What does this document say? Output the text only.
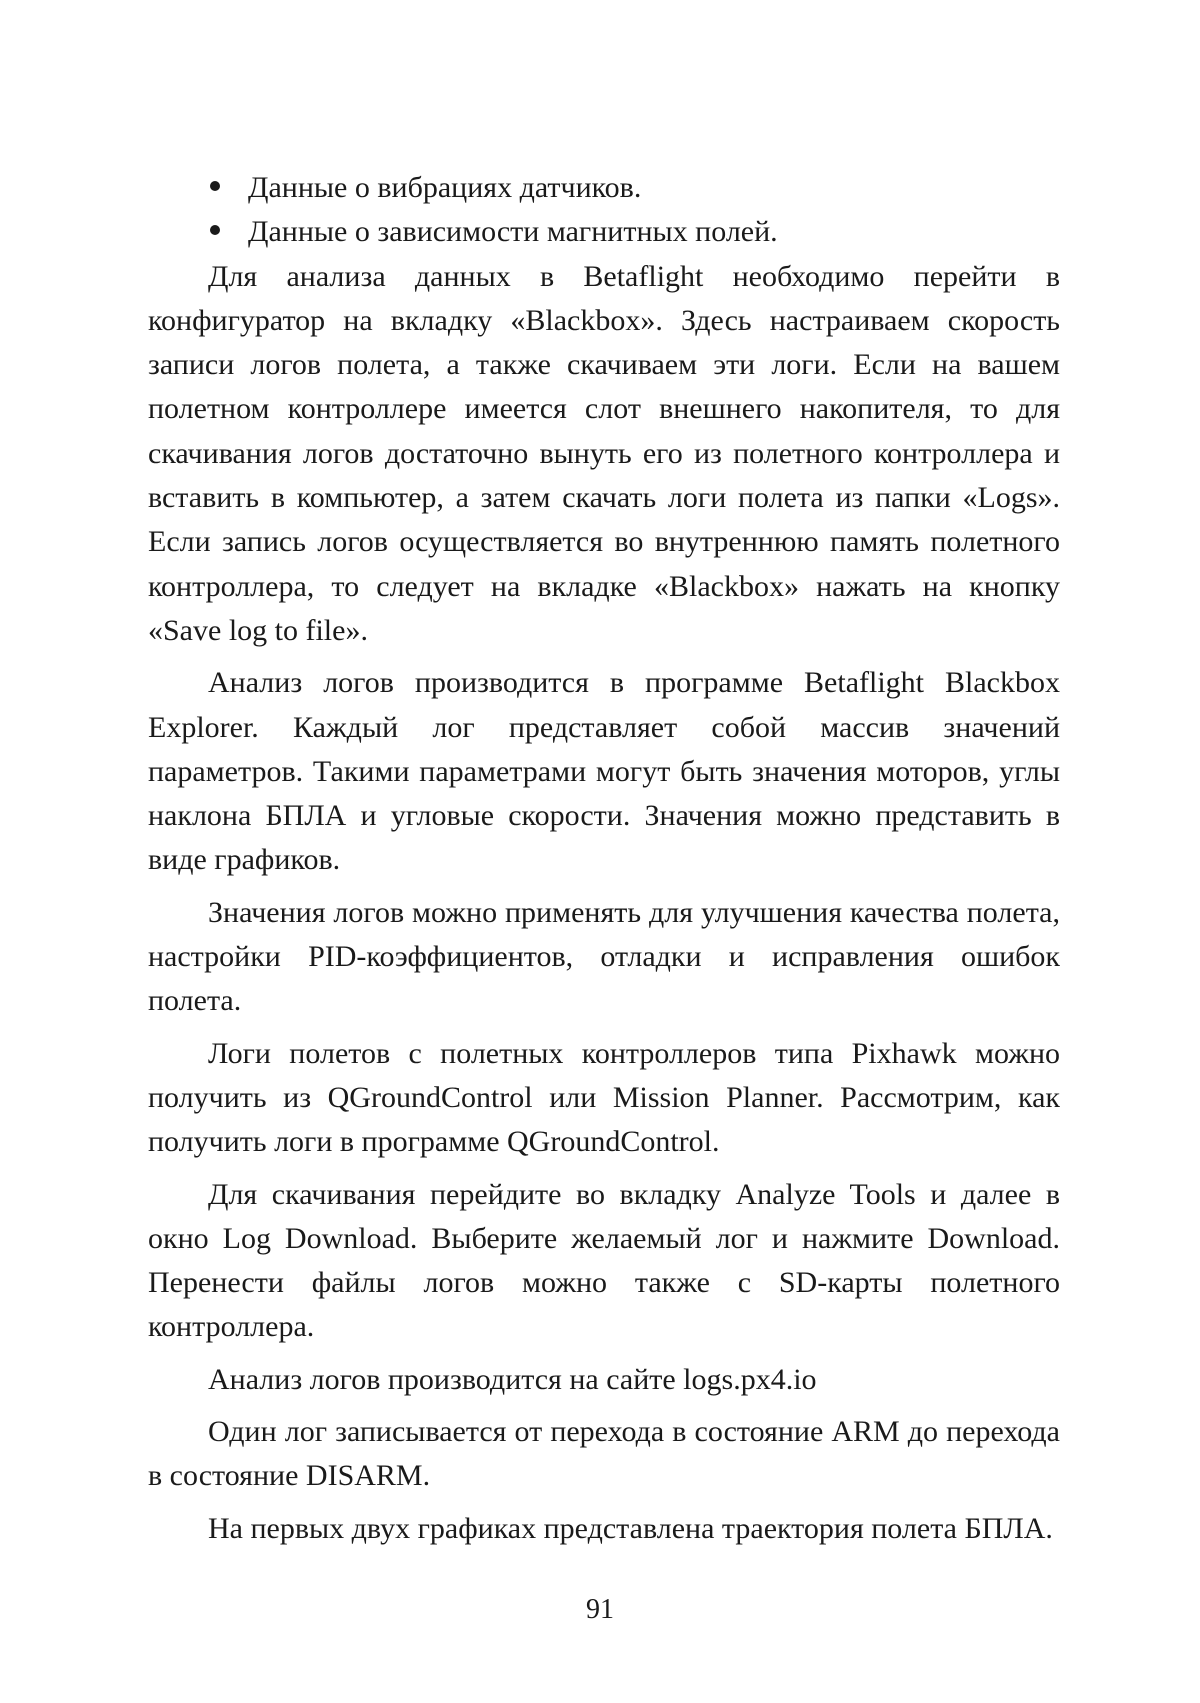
Данные о вибрациях датчиков.
Данные о зависимости магнитных полей.

Для анализа данных в Betaflight необходимо перейти в конфигуратор на вкладку «Blackbox». Здесь настраиваем скорость записи логов полета, а также скачиваем эти логи. Если на вашем полетном контроллере имеется слот внешнего накопителя, то для скачивания логов достаточно вынуть его из полетного контроллера и вставить в компьютер, а затем скачать логи полета из папки «Logs». Если запись логов осуществляется во внутреннюю память полетного контроллера, то следует на вкладке «Blackbox» нажать на кнопку «Save log to file».

Анализ логов производится в программе Betaflight Blackbox Explorer. Каждый лог представляет собой массив значений параметров. Такими параметрами могут быть значения моторов, углы наклона БПЛА и угловые скорости. Значения можно представить в виде графиков.

Значения логов можно применять для улучшения качества полета, настройки PID-коэффициентов, отладки и исправления ошибок полета.

Логи полетов с полетных контроллеров типа Pixhawk можно получить из QGroundControl или Mission Planner. Рассмотрим, как получить логи в программе QGroundControl.

Для скачивания перейдите во вкладку Analyze Tools и далее в окно Log Download. Выберите желаемый лог и нажмите Download. Перенести файлы логов можно также с SD-карты полетного контроллера.

Анализ логов производится на сайте logs.px4.io

Один лог записывается от перехода в состояние ARM до перехода в состояние DISARM.

На первых двух графиках представлена траектория полета БПЛА.

91
